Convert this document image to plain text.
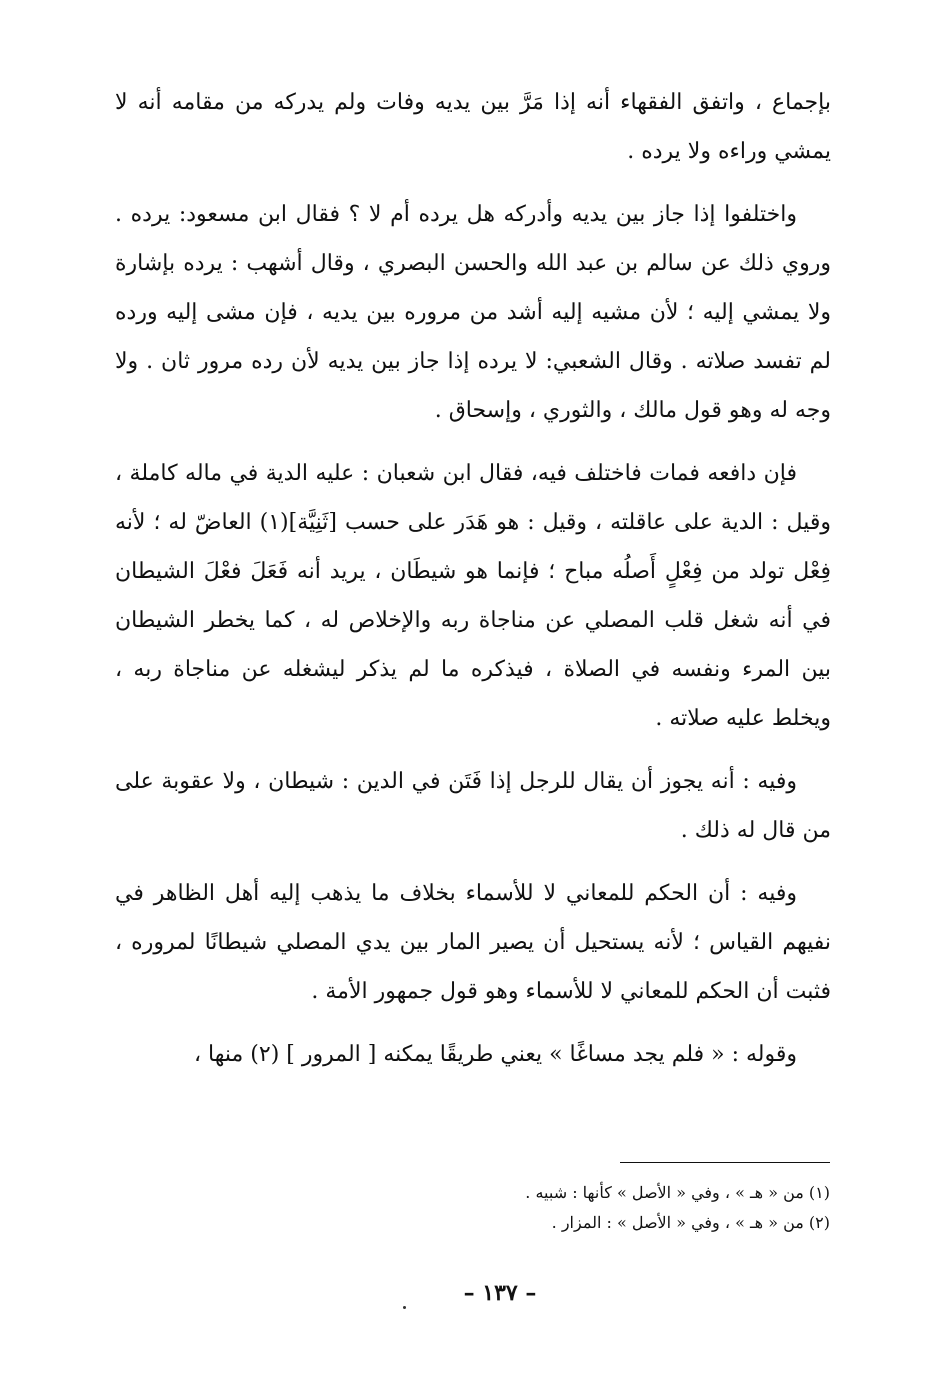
بإجماع ، واتفق الفقهاء أنه إذا مَرَّ بين يديه وفات ولم يدركه من مقامه أنه لا يمشي وراءه ولا يرده .

واختلفوا إذا جاز بين يديه وأدركه هل يرده أم لا ؟ فقال ابن مسعود: يرده . وروي ذلك عن سالم بن عبد الله والحسن البصري ، وقال أشهب : يرده بإشارة ولا يمشي إليه ؛ لأن مشيه إليه أشد من مروره بين يديه ، فإن مشى إليه ورده لم تفسد صلاته . وقال الشعبي: لا يرده إذا جاز بين يديه لأن رده مرور ثان . ولا وجه له وهو قول مالك ، والثوري ، وإسحاق .

فإن دافعه فمات فاختلف فيه، فقال ابن شعبان : عليه الدية في ماله كاملة ، وقيل : الدية على عاقلته ، وقيل : هو هَدَر على حسب [ثَنِيَّة](١) العاضّ له ؛ لأنه فِعْل تولد من فِعْلٍ أَصلُه مباح ؛ فإنما هو شيطَان ، يريد أنه فَعَلَ فعْلَ الشيطان في أنه شغل قلب المصلي عن مناجاة ربه والإخلاص له ، كما يخطر الشيطان بين المرء ونفسه في الصلاة ، فيذكره ما لم يذكر ليشغله عن مناجاة ربه ، ويخلط عليه صلاته .

وفيه : أنه يجوز أن يقال للرجل إذا فَتَن في الدين : شيطان ، ولا عقوبة على من قال له ذلك .

وفيه : أن الحكم للمعاني لا للأسماء بخلاف ما يذهب إليه أهل الظاهر في نفيهم القياس ؛ لأنه يستحيل أن يصير المار بين يدي المصلي شيطانًا لمروره ، فثبت أن الحكم للمعاني لا للأسماء وهو قول جمهور الأمة .

وقوله : « فلم يجد مساغًا » يعني طريقًا يمكنه [ المرور ] (٢) منها ،

(١) من « هـ » ، وفي « الأصل » كأنها : شبيه .

(٢) من « هـ » ، وفي « الأصل » : المزار .

– ١٣٧ –
